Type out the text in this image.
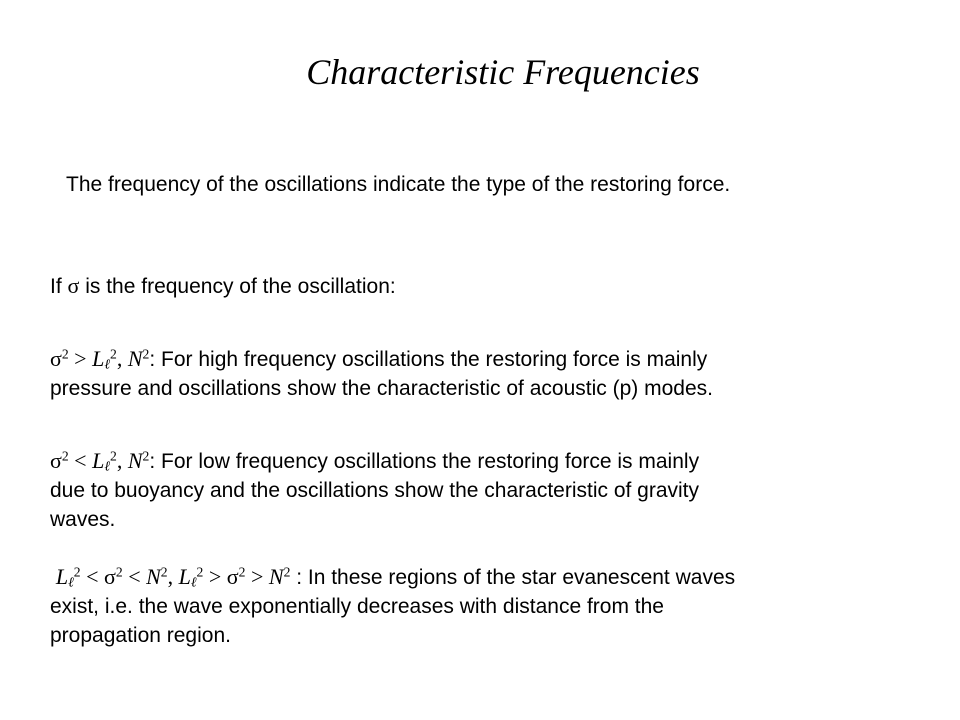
Characteristic Frequencies
The frequency of the oscillations indicate the type of the restoring force.
If σ is the frequency of the oscillation:
$\sigma^2 > L_\ell^2$, $N^2$: For high frequency oscillations the restoring force is mainly
pressure and oscillations show the characteristic of acoustic (p) modes.
$\sigma^2 < L_\ell^2$, $N^2$: For low frequency oscillations the restoring force is mainly
due to buoyancy and the oscillations show the characteristic of gravity
waves.
$L_\ell^2 < \sigma^2 < N^2$, $L_\ell^2 > \sigma^2 > N^2$ : In these regions of the star evanescent waves
exist, i.e. the wave exponentially decreases with distance from the
propagation region.
